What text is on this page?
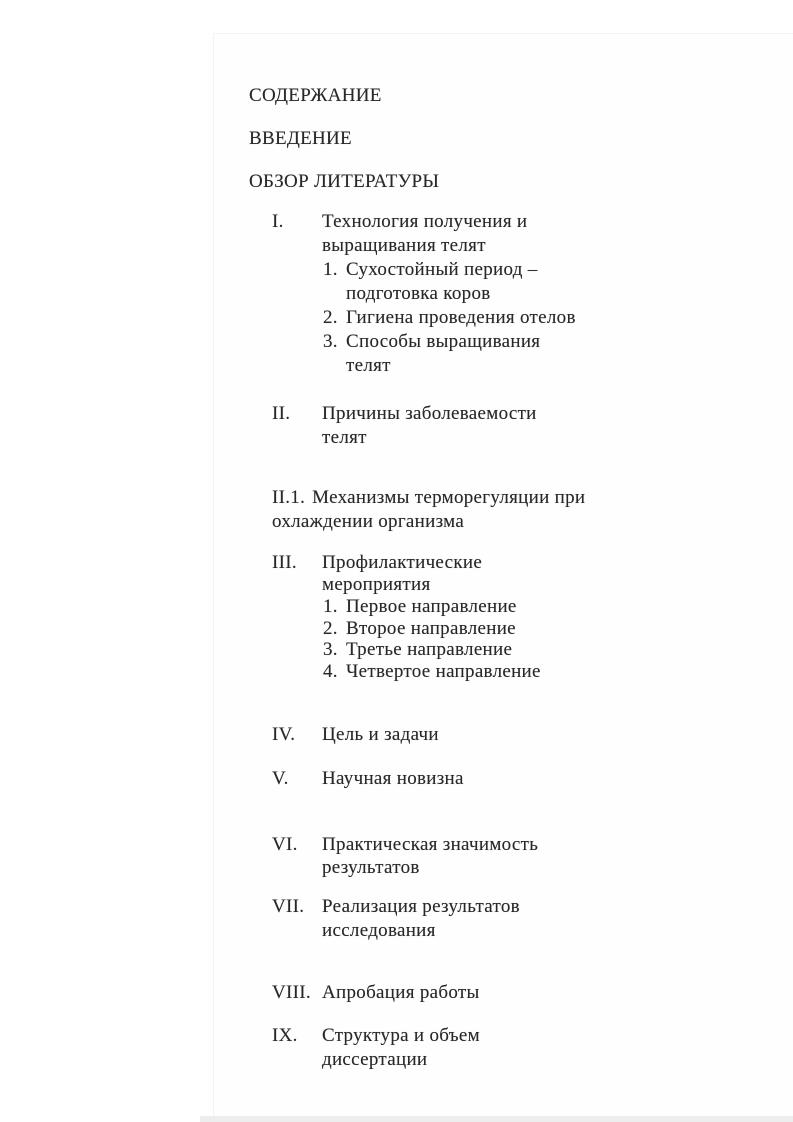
СОДЕРЖАНИЕ
ВВЕДЕНИЕ
ОБЗОР ЛИТЕРАТУРЫ
I. Технология получения и
выращивания телят
1. Сухостойный период –
подготовка коров
2. Гигиена проведения отелов
3. Способы выращивания
телят
II. Причины заболеваемости
телят
II.1. Механизмы терморегуляции при
охлаждении организма
III. Профилактические
мероприятия
1. Первое направление
2. Второе направление
3. Третье направление
4. Четвертое направление
IV. Цель и задачи
V. Научная новизна
VI. Практическая значимость
результатов
VII. Реализация результатов
исследования
VIII. Апробация работы
IX. Структура и объем
диссертации
